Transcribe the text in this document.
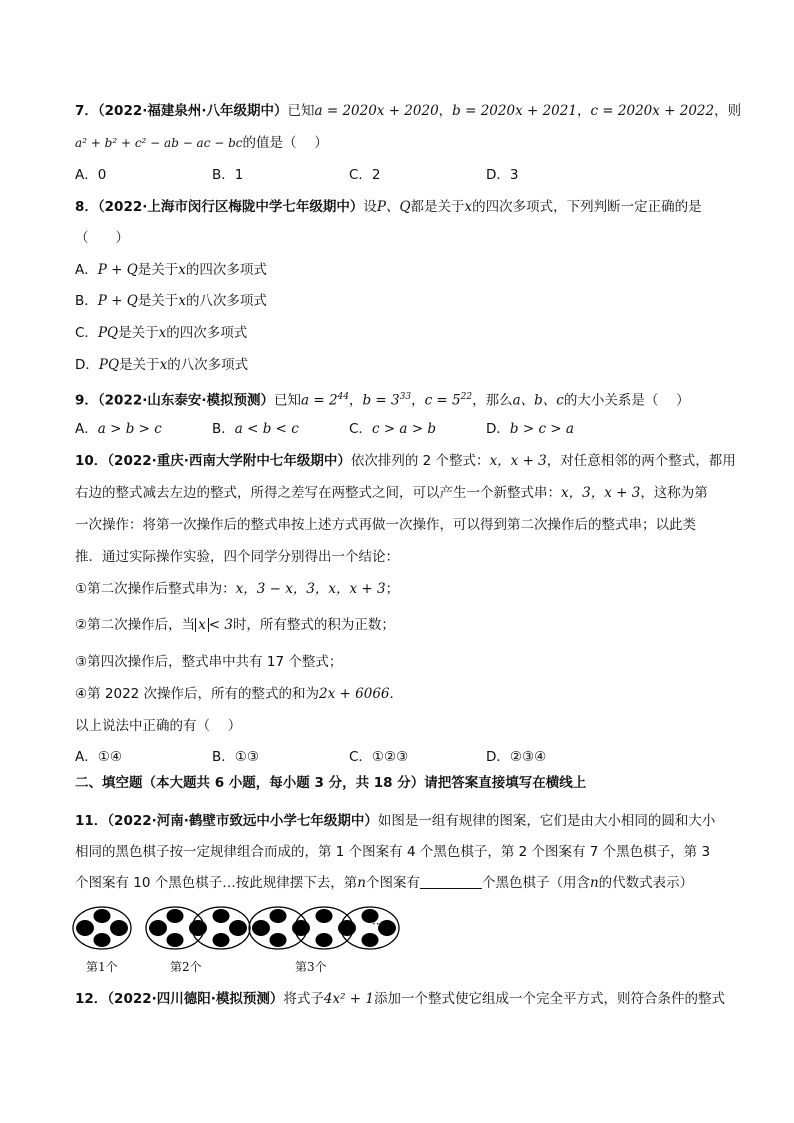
7．（2022·福建泉州·八年级期中）已知a = 2020x + 2020，b = 2020x + 2021，c = 2020x + 2022，则
a² + b² + c² − ab − ac − bc的值是（　 ）
A．0	B．1	C．2	D．3
8．（2022·上海市闵行区梅陇中学七年级期中）设P、Q都是关于x的四次多项式，下列判断一定正确的是
（　　）
A．P + Q是关于x的四次多项式
B．P + Q是关于x的八次多项式
C．PQ是关于x的四次多项式
D．PQ是关于x的八次多项式
9．（2022·山东泰安·模拟预测）已知$a = 2^{44}$，$b = 3^{33}$，$c = 5^{22}$，那么a、b、c的大小关系是（　 ）
A．a > b > c	B．a < b < c	C．c > a > b	D．b > c > a
10．（2022·重庆·西南大学附中七年级期中）依次排列的 2 个整式：x，x + 3，对任意相邻的两个整式，都用
右边的整式减去左边的整式，所得之差写在两整式之间，可以产生一个新整式串：x，3，x + 3，这称为第
一次操作：将第一次操作后的整式串按上述方式再做一次操作，可以得到第二次操作后的整式串；以此类
推．通过实际操作实验，四个同学分别得出一个结论：
①第二次操作后整式串为：x，3 − x，3，x，x + 3；
②第二次操作后，当 x < 3时，所有整式的积为正数；
③第四次操作后，整式串中共有 17 个整式；
④第 2022 次操作后，所有的整式的和为2x + 6066．
以上说法中正确的有（　 ）
A．①④	B．①③	C．①②③	D．②③④
二、填空题（本大题共 6 小题，每小题 3 分，共 18 分）请把答案直接填写在横线上
11．（2022·河南·鹤壁市致远中小学七年级期中）如图是一组有规律的图案，它们是由大小相同的圆和大小
相同的黑色棋子按一定规律组合而成的，第 1 个图案有 4 个黑色棋子，第 2 个图案有 7 个黑色棋子，第 3
个图案有 10 个黑色棋子…按此规律摆下去，第n个图案有	个黑色棋子（用含n的代数式表示）
···
第1个	第2个	第3个
12．（2022·四川德阳·模拟预测）将式子4x² + 1添加一个整式使它组成一个完全平方式，则符合条件的整式
